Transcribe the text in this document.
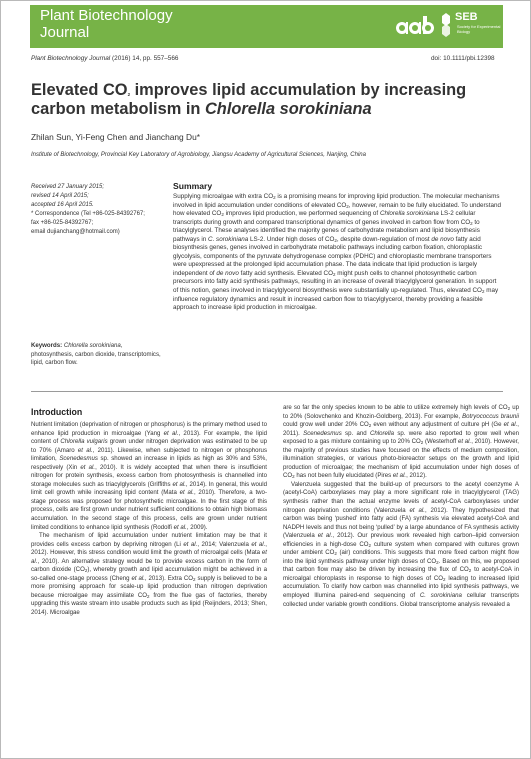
Plant Biotechnology
Journal
SEB
Society for Experimental Biology
Plant Biotechnology Journal (2016) 14, pp. 557–566	doi: 10.1111/pbi.12398
Elevated $CO_2$ improves lipid accumulation by increasing carbon metabolism in Chlorella sorokiniana
Zhilan Sun, Yi-Feng Chen and Jianchang Du*
Institute of Biotechnology, Provincial Key Laboratory of Agrobiology, Jiangsu Academy of Agricultural Sciences, Nanjing, China
Received 27 January 2015;
revised 14 April 2015;
accepted 16 April 2015.
* Correspondence (Tel +86-025-84392767;
fax +86-025-84392767;
email dujianchang@hotmail.com)
Summary
Supplying microalgae with extra $CO_2$ is a promising means for improving lipid production. The molecular mechanisms involved in lipid accumulation under conditions of elevated $CO_2$, however, remain to be fully elucidated. To understand how elevated $CO_2$ improves lipid production, we performed sequencing of Chlorella sorokiniana LS-2 cellular transcripts during growth and compared transcriptional dynamics of genes involved in carbon flow from $CO_2$ to triacylglycerol. These analyses identified the majority genes of carbohydrate metabolism and lipid biosynthesis pathways in C. sorokiniana LS-2. Under high doses of $CO_2$, despite down-regulation of most de novo fatty acid biosynthesis genes, genes involved in carbohydrate metabolic pathways including carbon fixation, chloroplastic glycolysis, components of the pyruvate dehydrogenase complex (PDHC) and chloroplastic membrane transporters were upexpressed at the prolonged lipid accumulation phase. The data indicate that lipid production is largely independent of de novo fatty acid synthesis. Elevated $CO_2$ might push cells to channel photosynthetic carbon precursors into fatty acid synthesis pathways, resulting in an increase of overall triacylglycerol generation. In support of this notion, genes involved in triacylglycerol biosynthesis were substantially up-regulated. Thus, elevated $CO_2$ may influence regulatory dynamics and result in increased carbon flow to triacylglycerol, thereby providing a feasible approach to increase lipid production in microalgae.
Keywords: Chlorella sorokiniana, photosynthesis, carbon dioxide, transcriptomics, lipid, carbon flow.
Introduction

Nutrient limitation (deprivation of nitrogen or phosphorus) is the primary method used to enhance lipid production in microalgae (Yang et al., 2013). For example, the lipid content of Chlorella vulgaris grown under nitrogen deprivation was estimated to be up to 70% (Amaro et al., 2011). Likewise, when subjected to nitrogen or phosphorus limitation, Scenedesmus sp. showed an increase in lipids as high as 30% and 53%, respectively (Xin et al., 2010). It is widely accepted that when there is insufficient nitrogen for protein synthesis, excess carbon from photosynthesis is channelled into storage molecules such as triacylglycerols (Griffiths et al., 2014). In general, this would limit cell growth while increasing lipid content (Mata et al., 2010). Therefore, a two-stage process was proposed for photosynthetic microalgae. In the first stage of this process, cells are first grown under nutrient sufficient conditions to obtain high biomass accumulation. In the second stage of this process, cells are grown under nutrient limited conditions to enhance lipid synthesis (Rodolfi et al., 2009).

The mechanism of lipid accumulation under nutrient limitation may be that it provides cells excess carbon by depriving nitrogen (Li et al., 2014; Valenzuela et al., 2012). However, this stress condition would limit the growth of microalgal cells (Mata et al., 2010). An alternative strategy would be to provide excess carbon in the form of carbon dioxide $(CO_2)$, whereby growth and lipid accumulation might be achieved in a so-called one-stage process (Cheng et al., 2013). Extra $CO_2$ supply is believed to be a more promising approach for scale-up lipid production than nitrogen deprivation because microalgae may assimilate $CO_2$ from the flue gas of factories, thereby upgrading this waste stream into usable products such as lipid (Reijnders, 2013; Shen, 2014). Microalgae

are so far the only species known to be able to utilize extremely high levels of $CO_2$ up to 20% (Solovchenko and Khozin-Goldberg, 2013). For example, Botryococcus braunii could grow well under 20% $CO_2$ even without any adjustment of culture pH (Ge et al., 2011). Scenedesmus sp. and Chlorella sp. were also reported to grow well when exposed to a gas mixture containing up to 20% $CO_2$ (Westerhoff et al., 2010). However, the majority of previous studies have focused on the effects of medium composition, illumination strategies, or various photo-bioreactor setups on the growth and lipid production of microalgae; the mechanism of lipid accumulation under high doses of $CO_2$ has not been fully elucidated (Pires et al., 2012).

Valenzuela suggested that the build-up of precursors to the acetyl coenzyme A (acetyl-CoA) carboxylases may play a more significant role in triacylglycerol (TAG) synthesis rather than the actual enzyme levels of acetyl-CoA carboxylases under nitrogen deprivation conditions (Valenzuela et al., 2012). They hypothesized that carbon was being ‘pushed’ into fatty acid (FA) synthesis via elevated acetyl-CoA and NADPH levels and thus not being ‘pulled’ by a large abundance of FA synthesis activity (Valenzuela et al., 2012). Our previous work revealed high carbon–lipid conversion efficiencies in a high-dose $CO_2$ culture system when compared with cultures grown under ambient $CO_2$ (air) conditions. This suggests that more fixed carbon might flow into the lipid synthesis pathway under high doses of $CO_2$. Based on this, we proposed that carbon flow may also be driven by increasing the flux of $CO_2$ to acetyl-CoA in microalgal chloroplasts in response to high doses of $CO_2$ leading to increased lipid accumulation. To clarify how carbon was channelled into lipid synthesis pathways, we employed Illumina paired-end sequencing of C. sorokiniana cellular transcripts collected under variable growth conditions. Global transcriptome analysis revealed a
